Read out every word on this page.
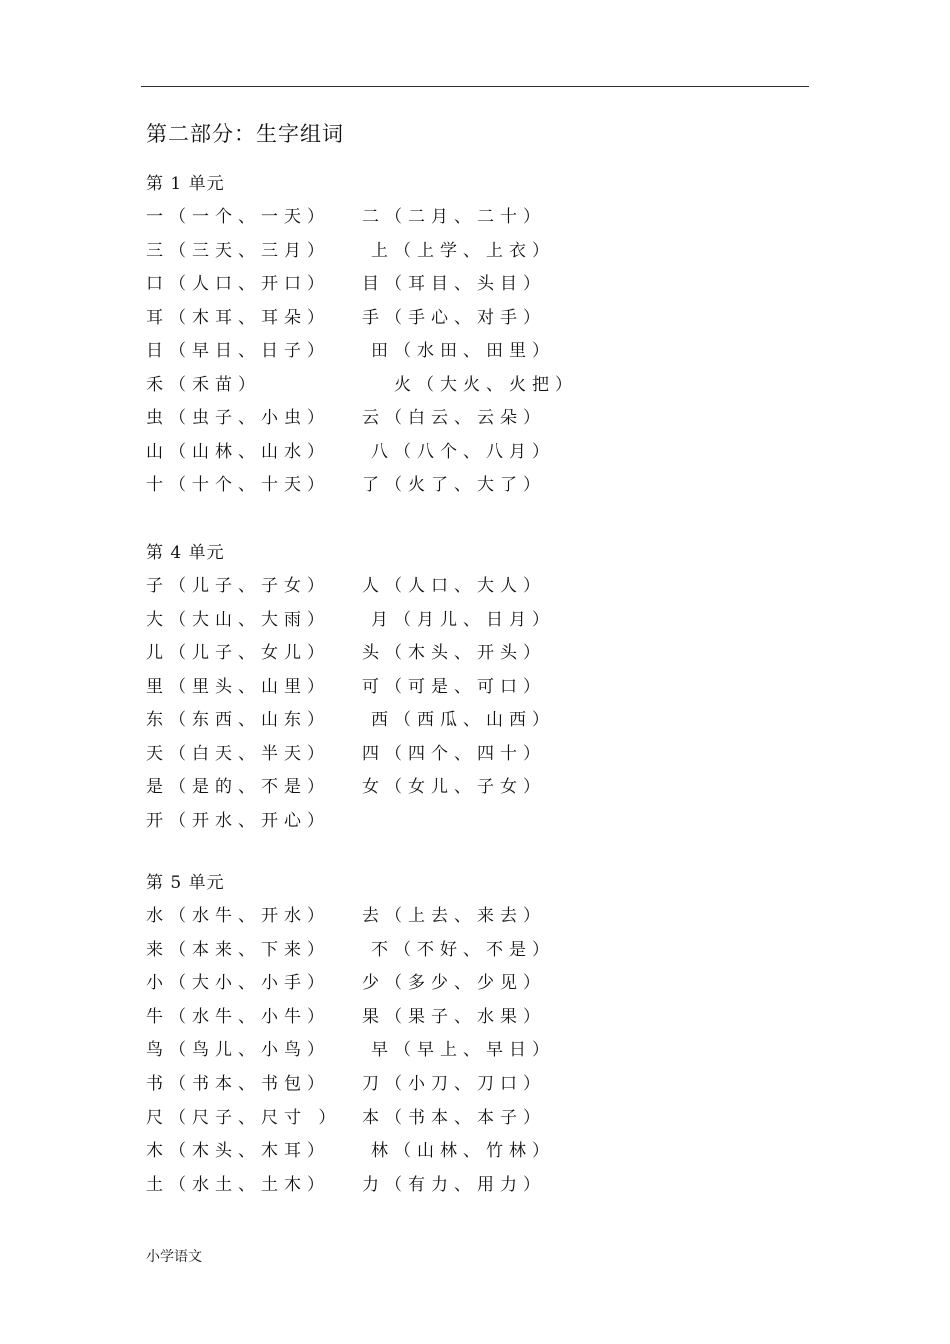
第二部分：生字组词
第 1 单元
一（一个、一天） 二（二月、二十）
三（三天、三月） 上（上学、上衣）
口（人口、开口） 目（耳目、头目）
耳（木耳、耳朵） 手（手心、对手）
日（早日、日子） 田（水田、田里）
禾（禾苗）	火（大火、火把）
虫（虫子、小虫） 云（白云、云朵）
山（山林、山水） 八（八个、八月）
十（十个、十天） 了（火了、大了）
第 4 单元
子（儿子、子女） 人（人口、大人）
大（大山、大雨） 月（月儿、日月）
儿（儿子、女儿） 头（木头、开头）
里（里头、山里） 可（可是、可口）
东（东西、山东） 西（西瓜、山西）
天（白天、半天） 四（四个、四十）
是（是的、不是） 女（女儿、子女）
开（开水、开心）
第 5 单元
水（水牛、开水） 去（上去、来去）
来（本来、下来） 不（不好、不是）
小（大小、小手） 少（多少、少见）
牛（水牛、小牛） 果（果子、水果）
鸟（鸟儿、小鸟） 早（早上、早日）
书（书本、书包） 刀（小刀、刀口）
尺（尺子、尺寸 ） 本（书本、本子）
木（木头、木耳） 林（山林、竹林）
土（水土、土木） 力（有力、用力）
小学语文
